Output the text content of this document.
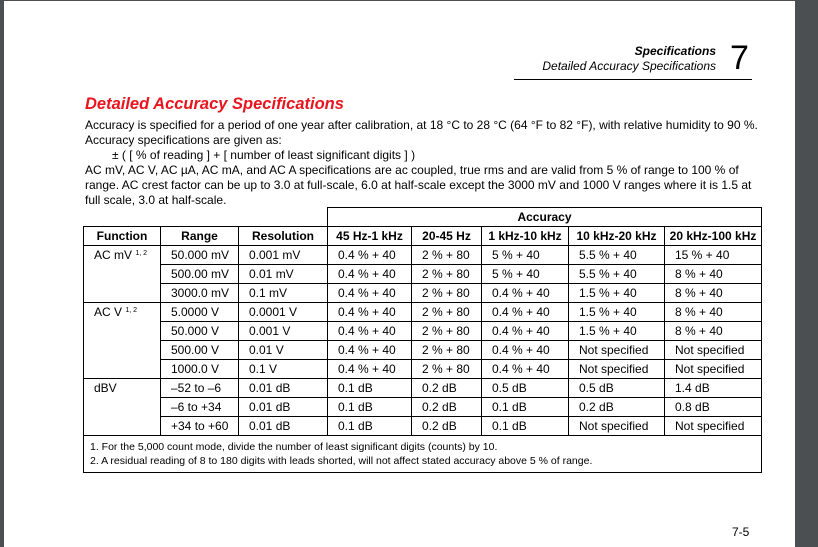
Specifications
Detailed Accuracy Specifications 7
Detailed Accuracy Specifications
Accuracy is specified for a period of one year after calibration, at 18 °C to 28 °C (64 °F to 82 °F), with relative humidity to 90 %. Accuracy specifications are given as:
± ( [ % of reading ] + [ number of least significant digits ] )
AC mV, AC V, AC µA, AC mA, and AC A specifications are ac coupled, true rms and are valid from 5 % of range to 100 % of range. AC crest factor can be up to 3.0 at full-scale, 6.0 at half-scale except the 3000 mV and 1000 V ranges where it is 1.5 at full scale, 3.0 at half-scale.
			Accuracy				
Function	Range	Resolution	45 Hz-1 kHz	20-45 Hz	1 kHz-10 kHz	10 kHz-20 kHz	20 kHz-100 kHz
AC mV $^{1, 2}$	50.000 mV	0.001 mV	0.4 % + 40	2 % + 80	5 % + 40	5.5 % + 40	15 % + 40
	500.00 mV	0.01 mV	0.4 % + 40	2 % + 80	5 % + 40	5.5 % + 40	8 % + 40
	3000.0 mV	0.1 mV	0.4 % + 40	2 % + 80	0.4 % + 40	1.5 % + 40	8 % + 40
AC V $^{1, 2}$	5.0000 V	0.0001 V	0.4 % + 40	2 % + 80	0.4 % + 40	1.5 % + 40	8 % + 40
	50.000 V	0.001 V	0.4 % + 40	2 % + 80	0.4 % + 40	1.5 % + 40	8 % + 40
	500.00 V	0.01 V	0.4 % + 40	2 % + 80	0.4 % + 40	Not specified	Not specified
	1000.0 V	0.1 V	0.4 % + 40	2 % + 80	0.4 % + 40	Not specified	Not specified
dBV	–52 to –6	0.01 dB	0.1 dB	0.2 dB	0.5 dB	0.5 dB	1.4 dB
	–6 to +34	0.01 dB	0.1 dB	0.2 dB	0.1 dB	0.2 dB	0.8 dB
	+34 to +60	0.01 dB	0.1 dB	0.2 dB	0.1 dB	Not specified	Not specified

1. For the 5,000 count mode, divide the number of least significant digits (counts) by 10.
2. A residual reading of 8 to 180 digits with leads shorted, will not affect stated accuracy above 5 % of range.							
7-5
